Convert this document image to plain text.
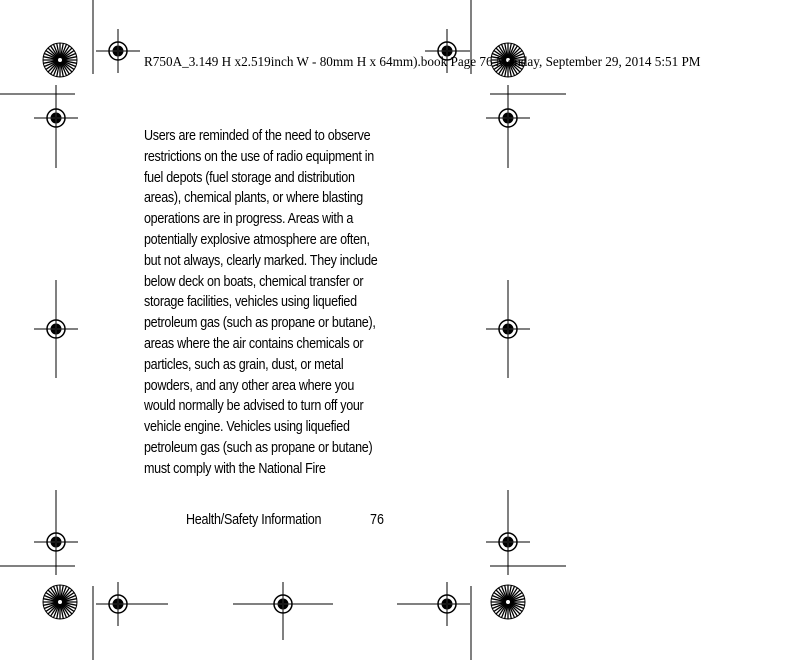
R750A_3.149 H x2.519inch W - 80mm H x 64mm).book Page 76 Monday, September 29, 2014 5:51 PM
Users are reminded of the need to observe
restrictions on the use of radio equipment in
fuel depots (fuel storage and distribution
areas), chemical plants, or where blasting
operations are in progress. Areas with a
potentially explosive atmosphere are often,
but not always, clearly marked. They include
below deck on boats, chemical transfer or
storage facilities, vehicles using liquefied
petroleum gas (such as propane or butane),
areas where the air contains chemicals or
particles, such as grain, dust, or metal
powders, and any other area where you
would normally be advised to turn off your
vehicle engine. Vehicles using liquefied
petroleum gas (such as propane or butane)
must comply with the National Fire
Health/Safety Information	76
